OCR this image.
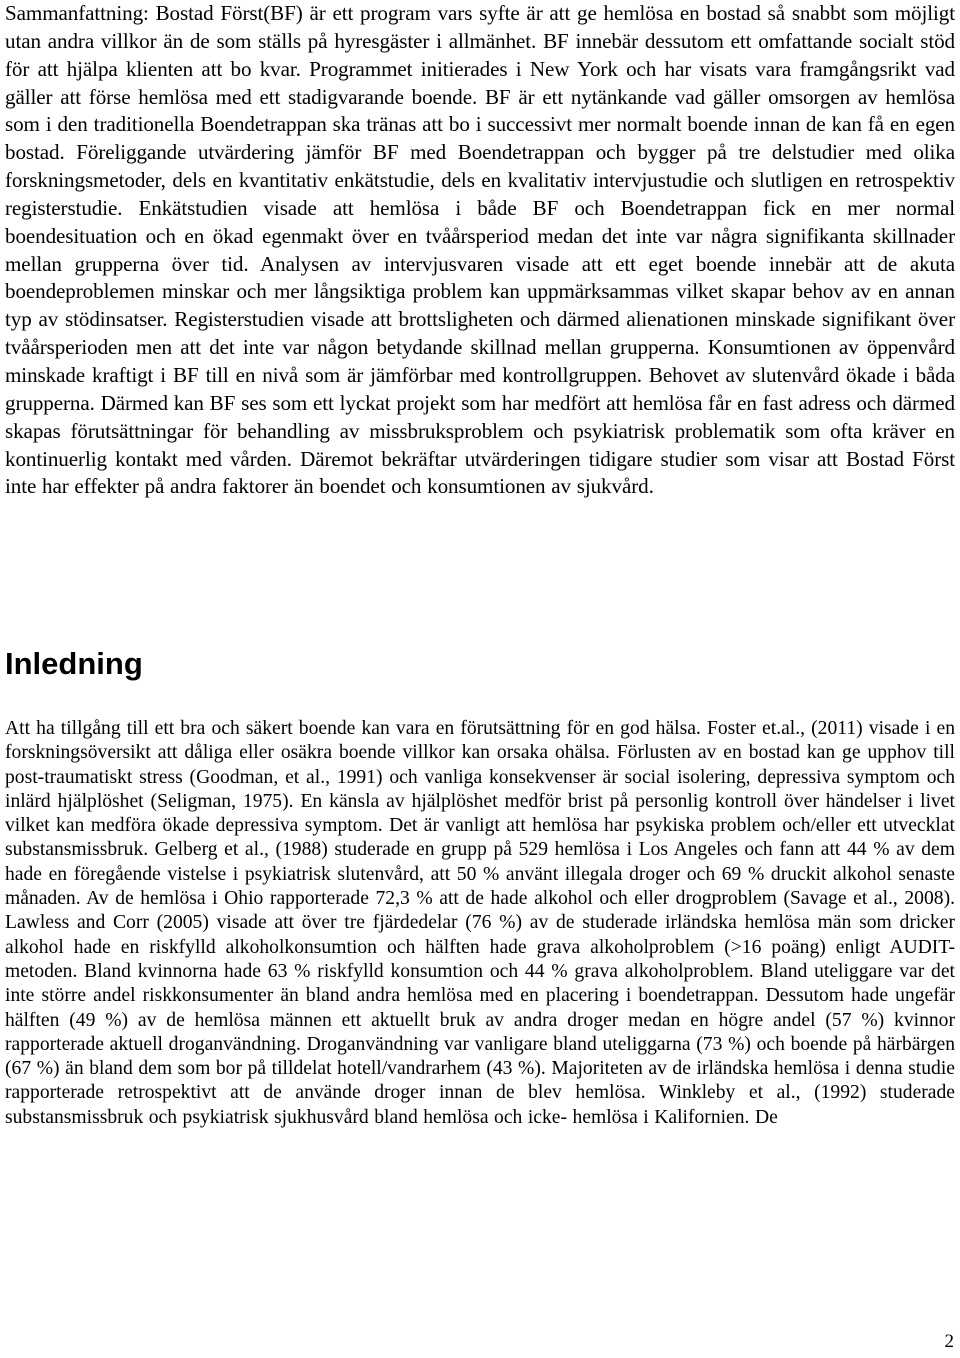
Sammanfattning: Bostad Först(BF) är ett program vars syfte är att ge hemlösa en bostad så snabbt som möjligt utan andra villkor än de som ställs på hyresgäster i allmänhet. BF innebär dessutom ett omfattande socialt stöd för att hjälpa klienten att bo kvar. Programmet initierades i New York och har visats vara framgångsrikt vad gäller att förse hemlösa med ett stadigvarande boende. BF är ett nytänkande vad gäller omsorgen av hemlösa som i den traditionella Boendetrappan ska tränas att bo i successivt mer normalt boende innan de kan få en egen bostad. Föreliggande utvärdering jämför BF med Boendetrappan och bygger på tre delstudier med olika forskningsmetoder, dels en kvantitativ enkätstudie, dels en kvalitativ intervjustudie och slutligen en retrospektiv registerstudie. Enkätstudien visade att hemlösa i både BF och Boendetrappan fick en mer normal boendesituation och en ökad egenmakt över en tvåårsperiod medan det inte var några signifikanta skillnader mellan grupperna över tid. Analysen av intervjusvaren visade att ett eget boende innebär att de akuta boendeproblemen minskar och mer långsiktiga problem kan uppmärksammas vilket skapar behov av en annan typ av stödinsatser. Registerstudien visade att brottsligheten och därmed alienationen minskade signifikant över tvåårsperioden men att det inte var någon betydande skillnad mellan grupperna. Konsumtionen av öppenvård minskade kraftigt i BF till en nivå som är jämförbar med kontrollgruppen. Behovet av slutenvård ökade i båda grupperna. Därmed kan BF ses som ett lyckat projekt som har medfört att hemlösa får en fast adress och därmed skapas förutsättningar för behandling av missbruksproblem och psykiatrisk problematik som ofta kräver en kontinuerlig kontakt med vården. Däremot bekräftar utvärderingen tidigare studier som visar att Bostad Först inte har effekter på andra faktorer än boendet och konsumtionen av sjukvård.

Inledning

Att ha tillgång till ett bra och säkert boende kan vara en förutsättning för en god hälsa. Foster et.al., (2011) visade i en forskningsöversikt att dåliga eller osäkra boende villkor kan orsaka ohälsa. Förlusten av en bostad kan ge upphov till post-traumatiskt stress (Goodman, et al., 1991) och vanliga konsekvenser är social isolering, depressiva symptom och inlärd hjälplöshet (Seligman, 1975). En känsla av hjälplöshet medför brist på personlig kontroll över händelser i livet vilket kan medföra ökade depressiva symptom. Det är vanligt att hemlösa har psykiska problem och/eller ett utvecklat substansmissbruk. Gelberg et al., (1988) studerade en grupp på 529 hemlösa i Los Angeles och fann att 44 % av dem hade en föregående vistelse i psykiatrisk slutenvård, att 50 % använt illegala droger och 69 % druckit alkohol senaste månaden. Av de hemlösa i Ohio rapporterade 72,3 % att de hade alkohol och eller drogproblem (Savage et al., 2008). Lawless and Corr (2005) visade att över tre fjärdedelar (76 %) av de studerade irländska hemlösa män som dricker alkohol hade en riskfylld alkoholkonsumtion och hälften hade grava alkoholproblem (>16 poäng) enligt AUDIT-metoden. Bland kvinnorna hade 63 % riskfylld konsumtion och 44 % grava alkoholproblem. Bland uteliggare var det inte större andel riskkonsumenter än bland andra hemlösa med en placering i boendetrappan. Dessutom hade ungefär hälften (49 %) av de hemlösa männen ett aktuellt bruk av andra droger medan en högre andel (57 %) kvinnor rapporterade aktuell droganvändning. Droganvändning var vanligare bland uteliggarna (73 %) och boende på härbärgen (67 %) än bland dem som bor på tilldelat hotell/vandrarhem (43 %). Majoriteten av de irländska hemlösa i denna studie rapporterade retrospektivt att de använde droger innan de blev hemlösa. Winkleby et al., (1992) studerade substansmissbruk och psykiatrisk sjukhusvård bland hemlösa och icke- hemlösa i Kalifornien. De

2
